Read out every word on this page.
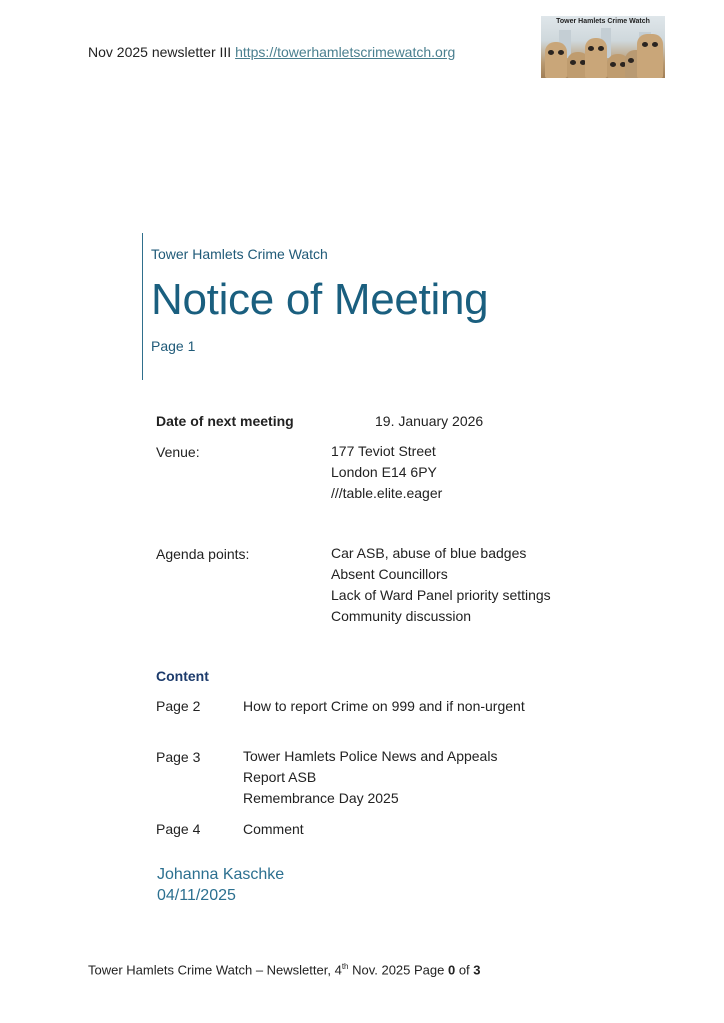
Nov 2025 newsletter III https://towerhamletscrimewatch.org
Tower Hamlets Crime Watch
Tower Hamlets Crime Watch
Notice of Meeting
Page 1
Date of next meeting	19. January 2026
Venue:	177 Teviot Street
London E14 6PY
///table.elite.eager
Agenda points:	Car ASB, abuse of blue badges
Absent Councillors
Lack of Ward Panel priority settings
Community discussion
Content
Page 2	How to report Crime on 999 and if non-urgent
Page 3	Tower Hamlets Police News and Appeals
Report ASB
Remembrance Day 2025
Page 4	Comment
Johanna Kaschke
04/11/2025
Tower Hamlets Crime Watch – Newsletter, 4th Nov. 2025 Page 0 of 3
